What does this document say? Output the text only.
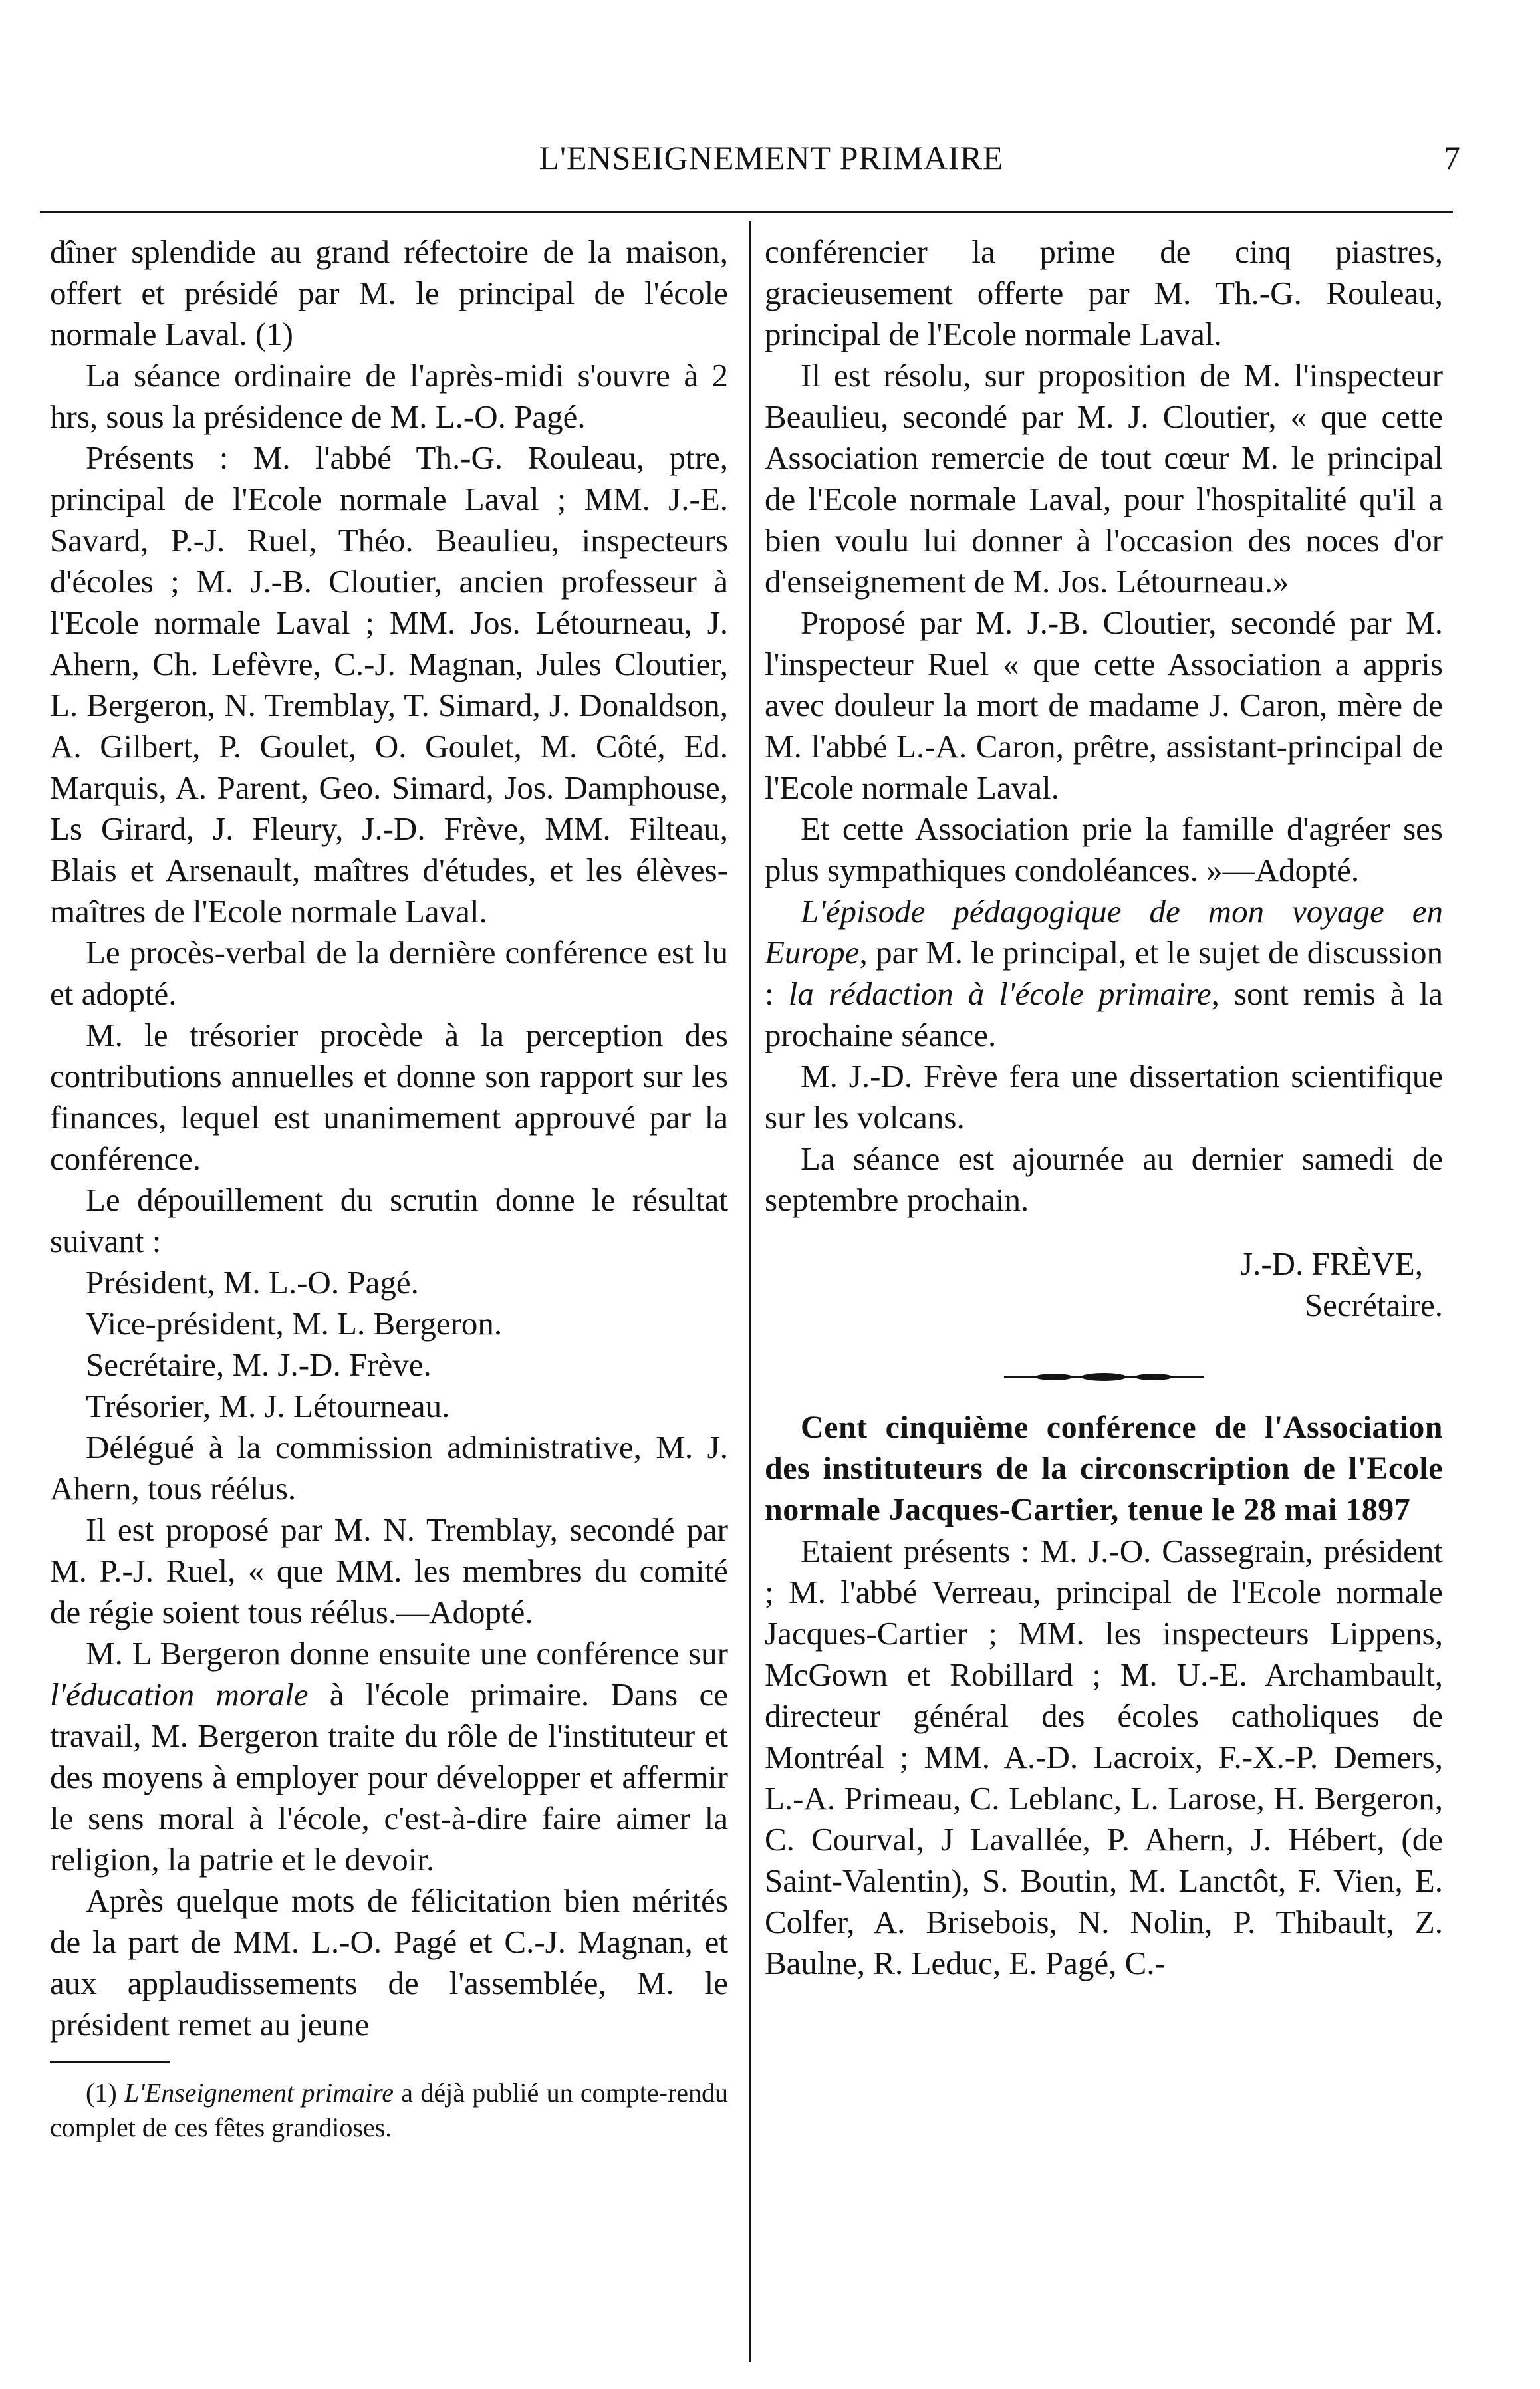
L'ENSEIGNEMENT PRIMAIRE	7

dîner splendide au grand réfectoire de la maison, offert et présidé par M. le principal de l'école normale Laval. (1)

La séance ordinaire de l'après-midi s'ouvre à 2 hrs, sous la présidence de M. L.-O. Pagé.

Présents : M. l'abbé Th.-G. Rouleau, ptre, principal de l'Ecole normale Laval ; MM. J.-E. Savard, P.-J. Ruel, Théo. Beaulieu, inspecteurs d'écoles ; M. J.-B. Cloutier, ancien professeur à l'Ecole normale Laval ; MM. Jos. Létourneau, J. Ahern, Ch. Lefèvre, C.-J. Magnan, Jules Cloutier, L. Bergeron, N. Tremblay, T. Simard, J. Donaldson, A. Gilbert, P. Goulet, O. Goulet, M. Côté, Ed. Marquis, A. Parent, Geo. Simard, Jos. Damphouse, Ls Girard, J. Fleury, J.-D. Frève, MM. Filteau, Blais et Arsenault, maîtres d'études, et les élèves-maîtres de l'Ecole normale Laval.

Le procès-verbal de la dernière conférence est lu et adopté.

M. le trésorier procède à la perception des contributions annuelles et donne son rapport sur les finances, lequel est unanimement approuvé par la conférence.

Le dépouillement du scrutin donne le résultat suivant :

Président, M. L.-O. Pagé.
Vice-président, M. L. Bergeron.
Secrétaire, M. J.-D. Frève.
Trésorier, M. J. Létourneau.

Délégué à la commission administrative, M. J. Ahern, tous réélus.

Il est proposé par M. N. Tremblay, secondé par M. P.-J. Ruel, « que MM. les membres du comité de régie soient tous réélus.—Adopté.

M. L Bergeron donne ensuite une conférence sur l'éducation morale à l'école primaire. Dans ce travail, M. Bergeron traite du rôle de l'instituteur et des moyens à employer pour développer et affermir le sens moral à l'école, c'est-à-dire faire aimer la religion, la patrie et le devoir.

Après quelque mots de félicitation bien mérités de la part de MM. L.-O. Pagé et C.-J. Magnan, et aux applaudissements de l'assemblée, M. le président remet au jeune

(1) L'Enseignement primaire a déjà publié un compte-rendu complet de ces fêtes grandioses.

conférencier la prime de cinq piastres, gracieusement offerte par M. Th.-G. Rouleau, principal de l'Ecole normale Laval.

Il est résolu, sur proposition de M. l'inspecteur Beaulieu, secondé par M. J. Cloutier, « que cette Association remercie de tout cœur M. le principal de l'Ecole normale Laval, pour l'hospitalité qu'il a bien voulu lui donner à l'occasion des noces d'or d'enseignement de M. Jos. Létourneau.»

Proposé par M. J.-B. Cloutier, secondé par M. l'inspecteur Ruel « que cette Association a appris avec douleur la mort de madame J. Caron, mère de M. l'abbé L.-A. Caron, prêtre, assistant-principal de l'Ecole normale Laval.

Et cette Association prie la famille d'agréer ses plus sympathiques condoléances. »—Adopté.

L'épisode pédagogique de mon voyage en Europe, par M. le principal, et le sujet de discussion : la rédaction à l'école primaire, sont remis à la prochaine séance.

M. J.-D. Frève fera une dissertation scientifique sur les volcans.

La séance est ajournée au dernier samedi de septembre prochain.

J.-D. FRÈVE,
Secrétaire.

Cent cinquième conférence de l'Association des instituteurs de la circonscription de l'Ecole normale Jacques-Cartier, tenue le 28 mai 1897

Etaient présents : M. J.-O. Cassegrain, président ; M. l'abbé Verreau, principal de l'Ecole normale Jacques-Cartier ; MM. les inspecteurs Lippens, McGown et Robillard ; M. U.-E. Archambault, directeur général des écoles catholiques de Montréal ; MM. A.-D. Lacroix, F.-X.-P. Demers, L.-A. Primeau, C. Leblanc, L. Larose, H. Bergeron, C. Courval, J Lavallée, P. Ahern, J. Hébert, (de Saint-Valentin), S. Boutin, M. Lanctôt, F. Vien, E. Colfer, A. Brisebois, N. Nolin, P. Thibault, Z. Baulne, R. Leduc, E. Pagé, C.-
